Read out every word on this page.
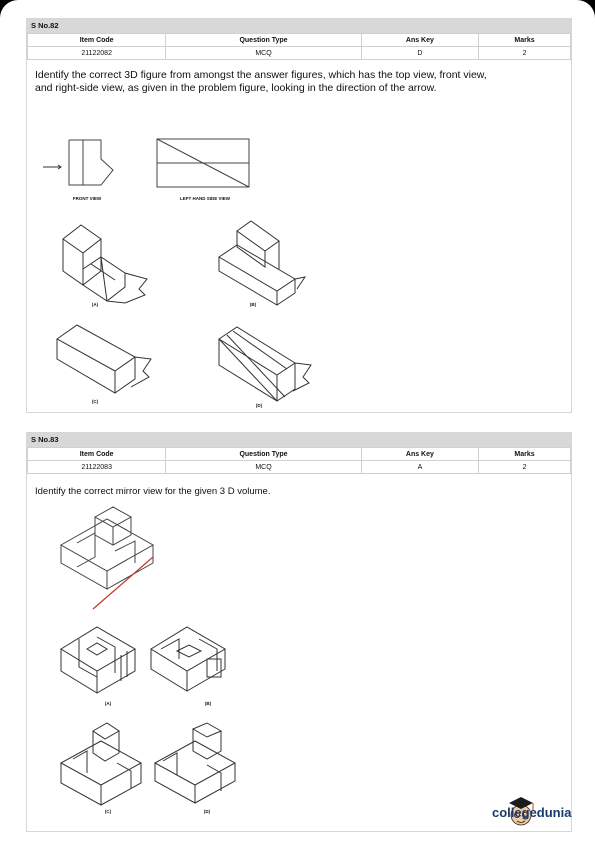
S No.82
Item Code	Question Type	Ans Key	Marks
21122082	MCQ	D	2
Identify the correct 3D figure from amongst the answer figures, which has the top view, front view, and right-side view, as given in the problem figure, looking in the direction of the arrow.
FRONT VIEW	LEFT HAND SIDE VIEW
(A)	(B)
(C)
(D)
S No.83
Item Code	Question Type	Ans Key	Marks
21122083	MCQ	A	2
Identify the correct mirror view for the given 3 D volume.
(A)	(B)
(C)	(D)	collegedunia
